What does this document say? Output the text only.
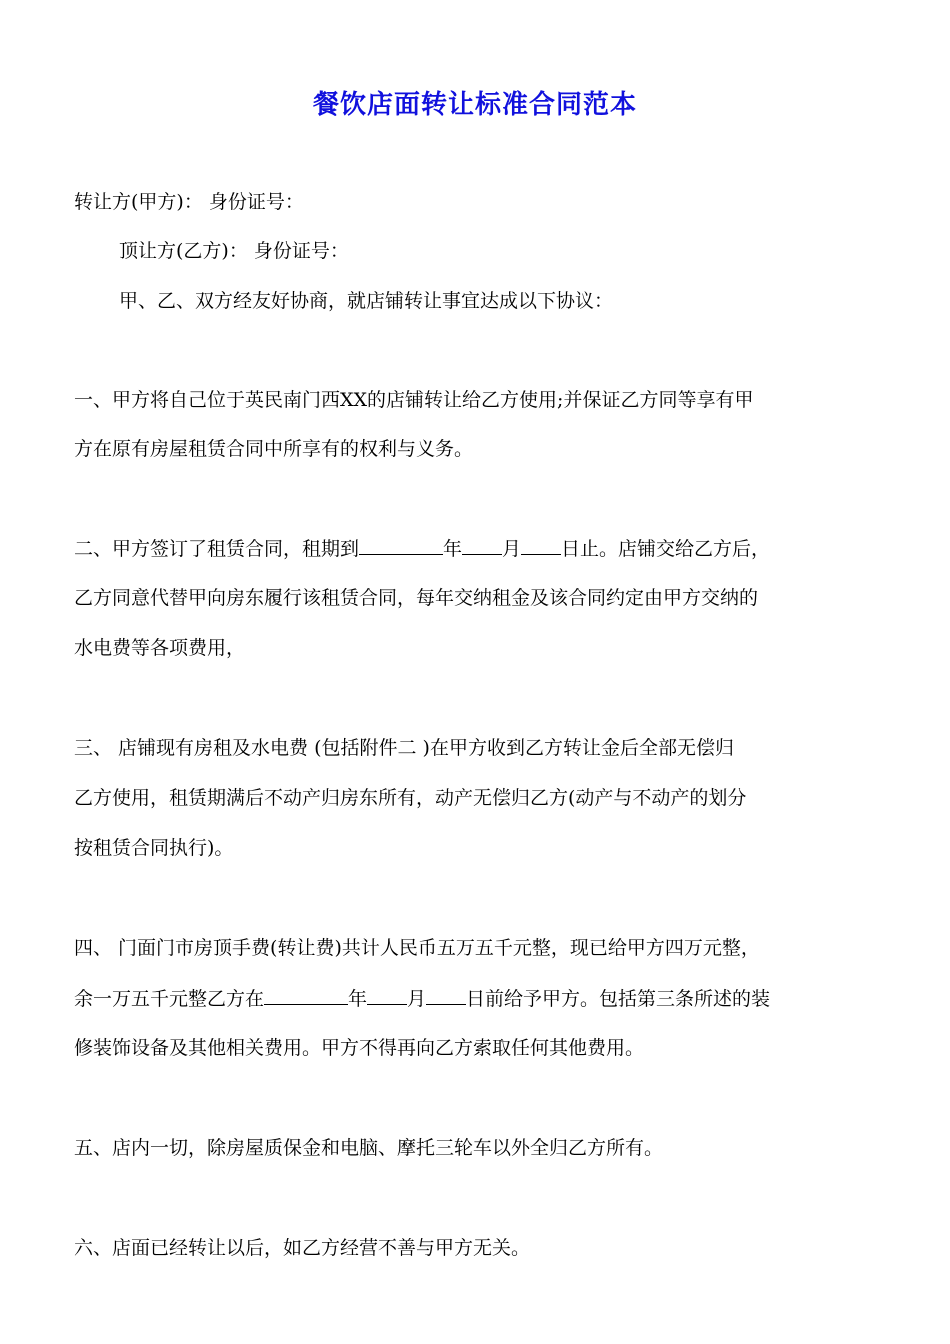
餐饮店面转让标准合同范本
转让方(甲方)： 身份证号：
顶让方(乙方)： 身份证号：
甲、乙、双方经友好协商，就店铺转让事宜达成以下协议：
一、甲方将自己位于英民南门西XX的店铺转让给乙方使用;并保证乙方同等享有甲
方在原有房屋租赁合同中所享有的权利与义务。
二、甲方签订了租赁合同，租期到	年 月 日止。店铺交给乙方后，
乙方同意代替甲向房东履行该租赁合同，每年交纳租金及该合同约定由甲方交纳的
水电费等各项费用，
三、 店铺现有房租及水电费 (包括附件二 )在甲方收到乙方转让金后全部无偿归
乙方使用，租赁期满后不动产归房东所有，动产无偿归乙方(动产与不动产的划分
按租赁合同执行)。
四、 门面门市房顶手费(转让费)共计人民币五万五千元整，现已给甲方四万元整，
余一万五千元整乙方在	年 月 日前给予甲方。包括第三条所述的装
修装饰设备及其他相关费用。甲方不得再向乙方索取任何其他费用。
五、店内一切，除房屋质保金和电脑、摩托三轮车以外全归乙方所有。
六、店面已经转让以后，如乙方经营不善与甲方无关。
